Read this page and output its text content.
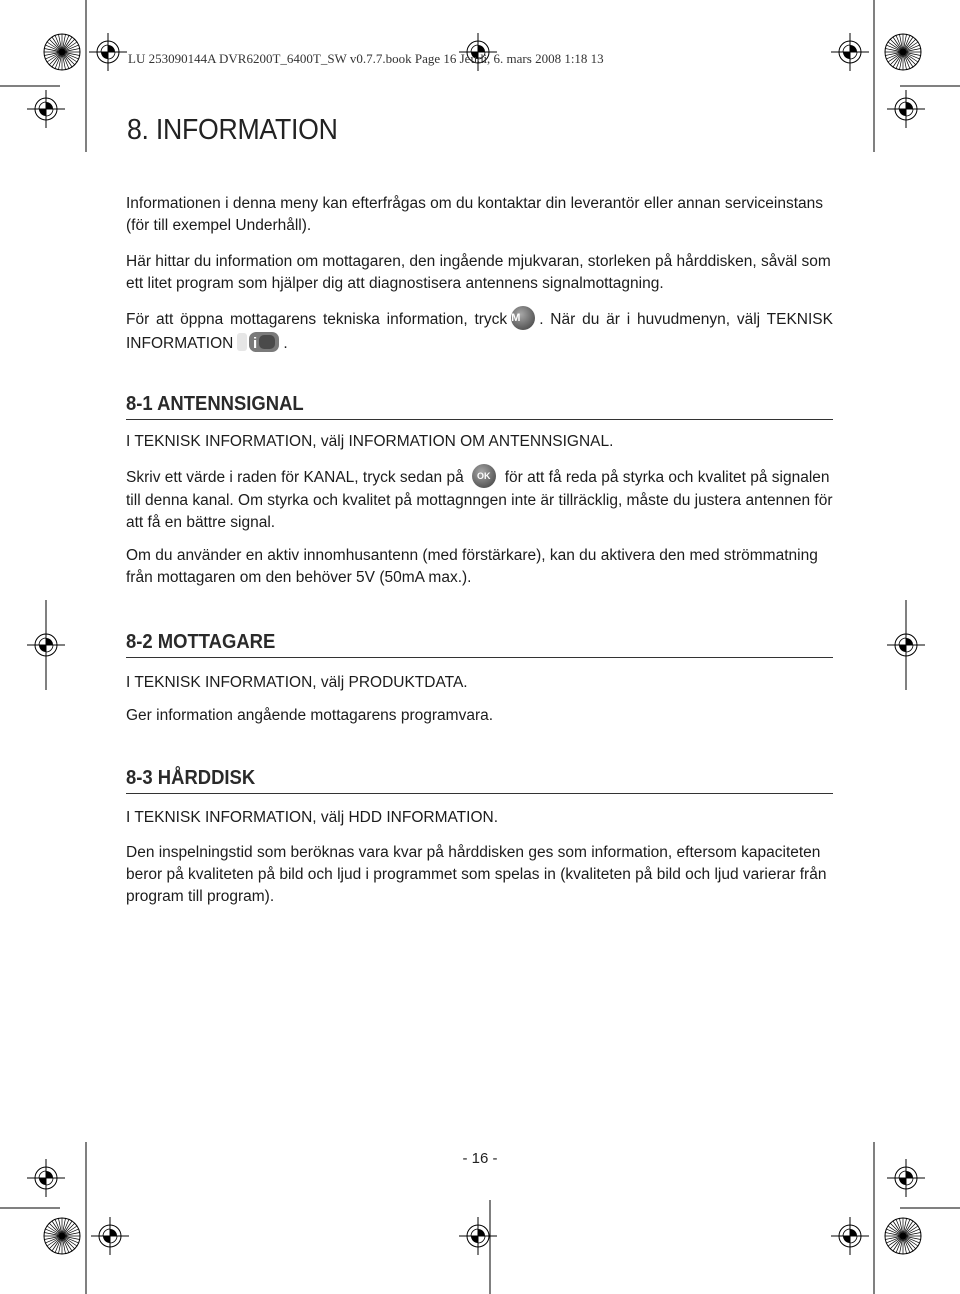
LU 253090144A DVR6200T_6400T_SW v0.7.7.book Page 16 Jeudi, 6. mars 2008 1:18 13
8. INFORMATION

Informationen i denna meny kan efterfrågas om du kontaktar din leverantör eller annan serviceinstans (för till exempel Underhåll).

Här hittar du information om mottagaren, den ingående mjukvaran, storleken på hårddisken, såväl som ett litet program som hjälper dig att diagnostisera antennens signalmottagning.

För att öppna mottagarens tekniska information, tryck M . När du är i huvudmenyn, välj TEKNISK

INFORMATION i .

8-1 ANTENNSIGNAL

I TEKNISK INFORMATION, välj INFORMATION OM ANTENNSIGNAL.

Skriv ett värde i raden för KANAL, tryck sedan på OK för att få reda på styrka och kvalitet på signalen till denna kanal. Om styrka och kvalitet på mottagnngen inte är tillräcklig, måste du justera antennen för att få en bättre signal.

Om du använder en aktiv innomhusantenn (med förstärkare), kan du aktivera den med strömmatning från mottagaren om den behöver 5V (50mA max.).

8-2 MOTTAGARE

I TEKNISK INFORMATION, välj PRODUKTDATA.

Ger information angående mottagarens programvara.

8-3 HÅRDDISK

I TEKNISK INFORMATION, välj HDD INFORMATION.

Den inspelningstid som beröknas vara kvar på hårddisken ges som information, eftersom kapaciteten beror på kvaliteten på bild och ljud i programmet som spelas in (kvaliteten på bild och ljud varierar från program till program).

- 16 -
